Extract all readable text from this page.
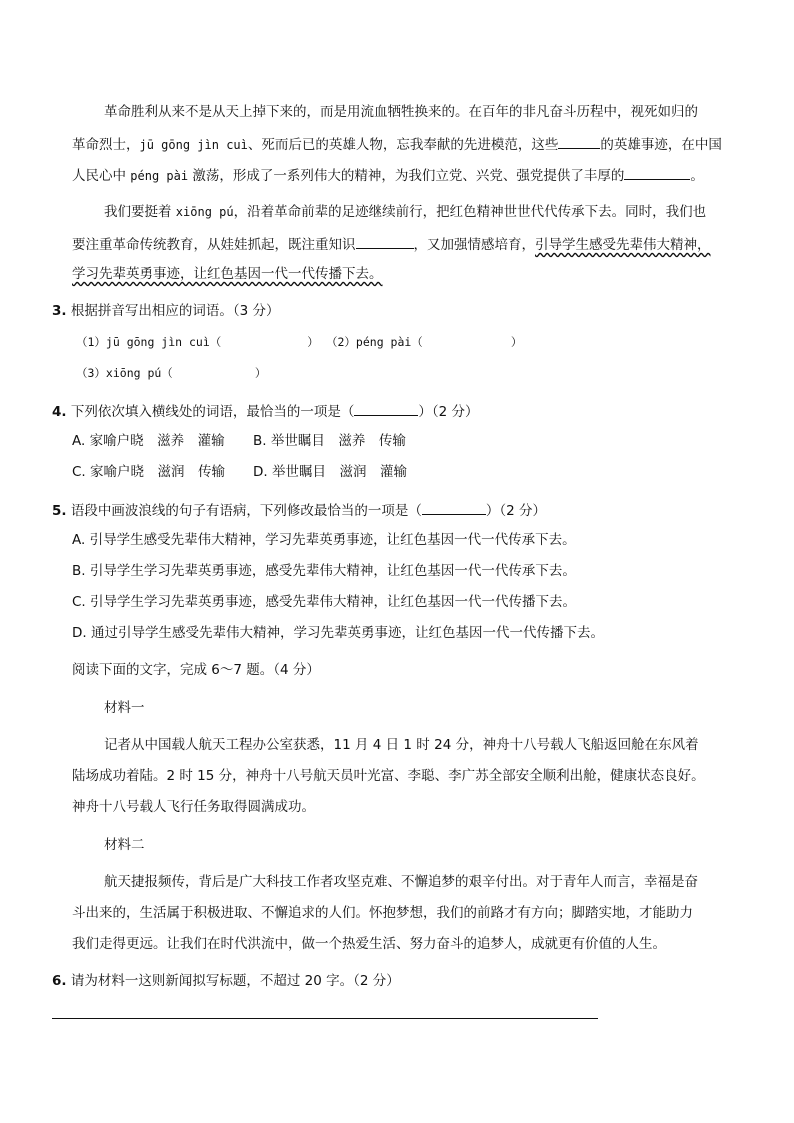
革命胜利从来不是从天上掉下来的，而是用流血牺牲换来的。在百年的非凡奋斗历程中，视死如归的
革命烈士，jū gōng jìn cuì、死而后已的英雄人物，忘我奉献的先进模范，这些	的英雄事迹，在中国
人民心中 péng pài 激荡，形成了一系列伟大的精神，为我们立党、兴党、强党提供了丰厚的	。
我们要挺着 xiōng pú，沿着革命前辈的足迹继续前行，把红色精神世世代代传承下去。同时，我们也
要注重革命传统教育，从娃娃抓起，既注重知识	，又加强情感培育，引导学生感受先辈伟大精神，
学习先辈英勇事迹，让红色基因一代一代传播下去。
3. 根据拼音写出相应的词语。（3 分）
（1）jū gōng jìn cuì（	） （2）péng pài（	）
（3）xiōng pú（	）
4. 下列依次填入横线处的词语，最恰当的一项是（	）（2 分）
A. 家喻户晓　滋养　灌输 B. 举世瞩目　滋养　传输
C. 家喻户晓　滋润　传输 D. 举世瞩目　滋润　灌输
5. 语段中画波浪线的句子有语病，下列修改最恰当的一项是（	）（2 分）
A. 引导学生感受先辈伟大精神，学习先辈英勇事迹，让红色基因一代一代传承下去。
B. 引导学生学习先辈英勇事迹，感受先辈伟大精神，让红色基因一代一代传承下去。
C. 引导学生学习先辈英勇事迹，感受先辈伟大精神，让红色基因一代一代传播下去。
D. 通过引导学生感受先辈伟大精神，学习先辈英勇事迹，让红色基因一代一代传播下去。
阅读下面的文字，完成 6～7 题。（4 分）
材料一
记者从中国载人航天工程办公室获悉，11 月 4 日 1 时 24 分，神舟十八号载人飞船返回舱在东风着
陆场成功着陆。2 时 15 分，神舟十八号航天员叶光富、李聪、李广苏全部安全顺利出舱，健康状态良好。
神舟十八号载人飞行任务取得圆满成功。
材料二
航天捷报频传，背后是广大科技工作者攻坚克难、不懈追梦的艰辛付出。对于青年人而言，幸福是奋
斗出来的，生活属于积极进取、不懈追求的人们。怀抱梦想，我们的前路才有方向；脚踏实地，才能助力
我们走得更远。让我们在时代洪流中，做一个热爱生活、努力奋斗的追梦人，成就更有价值的人生。
6. 请为材料一这则新闻拟写标题，不超过 20 字。（2 分）
